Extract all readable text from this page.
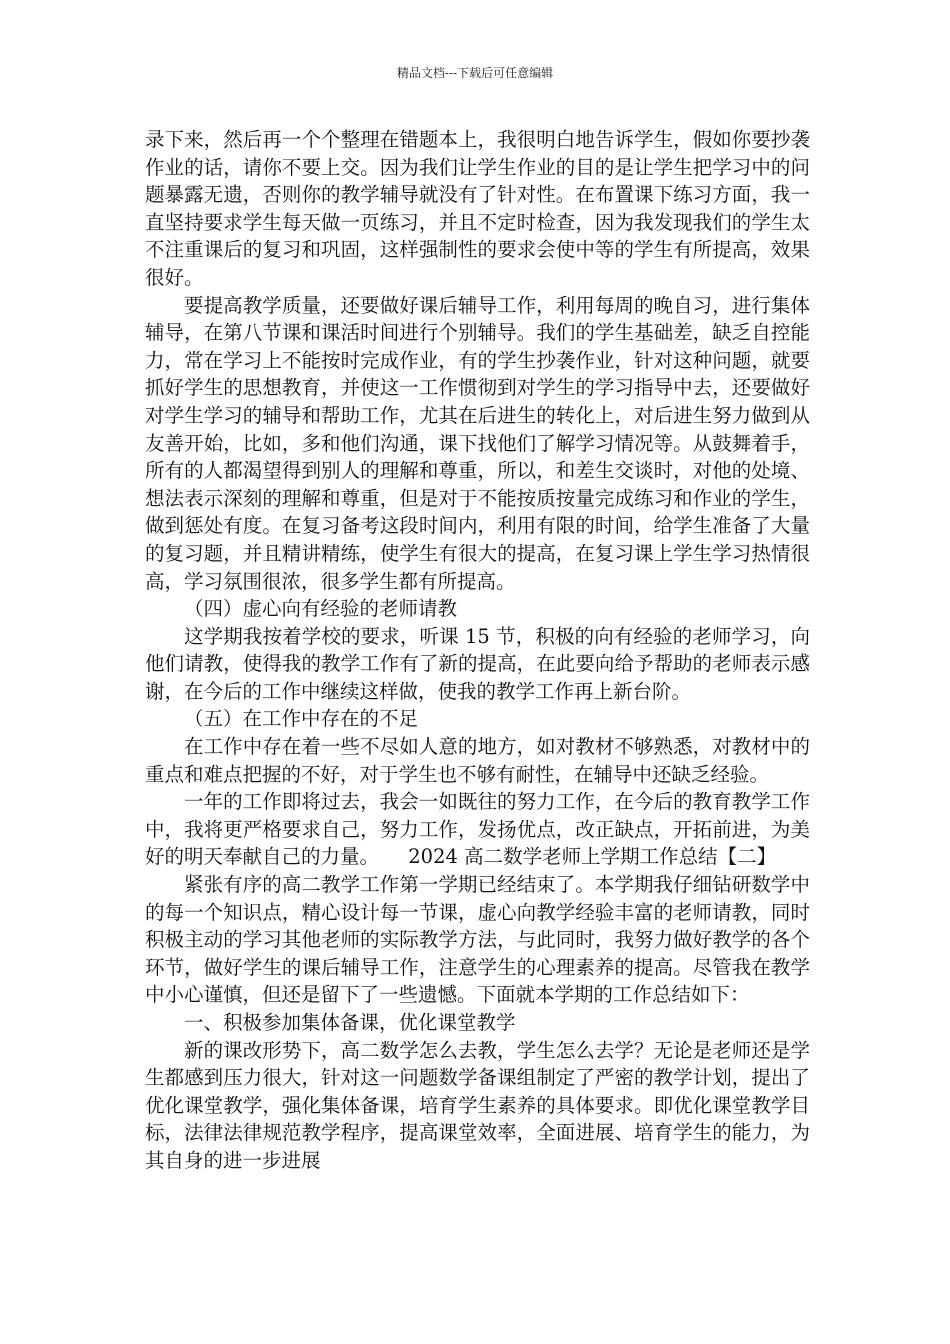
精品文档---下载后可任意编辑

录下来，然后再一个个整理在错题本上，我很明白地告诉学生，假如你要抄袭作业的话，请你不要上交。因为我们让学生作业的目的是让学生把学习中的问题暴露无遗，否则你的教学辅导就没有了针对性。在布置课下练习方面，我一直坚持要求学生每天做一页练习，并且不定时检查，因为我发现我们的学生太不注重课后的复习和巩固，这样强制性的要求会使中等的学生有所提高，效果很好。

要提高教学质量，还要做好课后辅导工作，利用每周的晚自习，进行集体辅导，在第八节课和课活时间进行个别辅导。我们的学生基础差，缺乏自控能力，常在学习上不能按时完成作业，有的学生抄袭作业，针对这种问题，就要抓好学生的思想教育，并使这一工作惯彻到对学生的学习指导中去，还要做好对学生学习的辅导和帮助工作，尤其在后进生的转化上，对后进生努力做到从友善开始，比如，多和他们沟通，课下找他们了解学习情况等。从鼓舞着手，所有的人都渴望得到别人的理解和尊重，所以，和差生交谈时，对他的处境、想法表示深刻的理解和尊重，但是对于不能按质按量完成练习和作业的学生，做到惩处有度。在复习备考这段时间内，利用有限的时间，给学生准备了大量的复习题，并且精讲精练，使学生有很大的提高，在复习课上学生学习热情很高，学习氛围很浓，很多学生都有所提高。

（四）虚心向有经验的老师请教

这学期我按着学校的要求，听课 15 节，积极的向有经验的老师学习，向他们请教，使得我的教学工作有了新的提高，在此要向给予帮助的老师表示感谢，在今后的工作中继续这样做，使我的教学工作再上新台阶。

（五）在工作中存在的不足

在工作中存在着一些不尽如人意的地方，如对教材不够熟悉，对教材中的重点和难点把握的不好，对于学生也不够有耐性，在辅导中还缺乏经验。

一年的工作即将过去，我会一如既往的努力工作，在今后的教育教学工作中，我将更严格要求自己，努力工作，发扬优点，改正缺点，开拓前进，为美好的明天奉献自己的力量。　　2024 高二数学老师上学期工作总结【二】

紧张有序的高二教学工作第一学期已经结束了。本学期我仔细钻研数学中的每一个知识点，精心设计每一节课，虚心向教学经验丰富的老师请教，同时积极主动的学习其他老师的实际教学方法，与此同时，我努力做好教学的各个环节，做好学生的课后辅导工作，注意学生的心理素养的提高。尽管我在教学中小心谨慎，但还是留下了一些遗憾。下面就本学期的工作总结如下：

一、积极参加集体备课，优化课堂教学

新的课改形势下，高二数学怎么去教，学生怎么去学？无论是老师还是学生都感到压力很大，针对这一问题数学备课组制定了严密的教学计划，提出了优化课堂教学，强化集体备课，培育学生素养的具体要求。即优化课堂教学目标，法律法律规范教学程序，提高课堂效率，全面进展、培育学生的能力，为其自身的进一步进展
